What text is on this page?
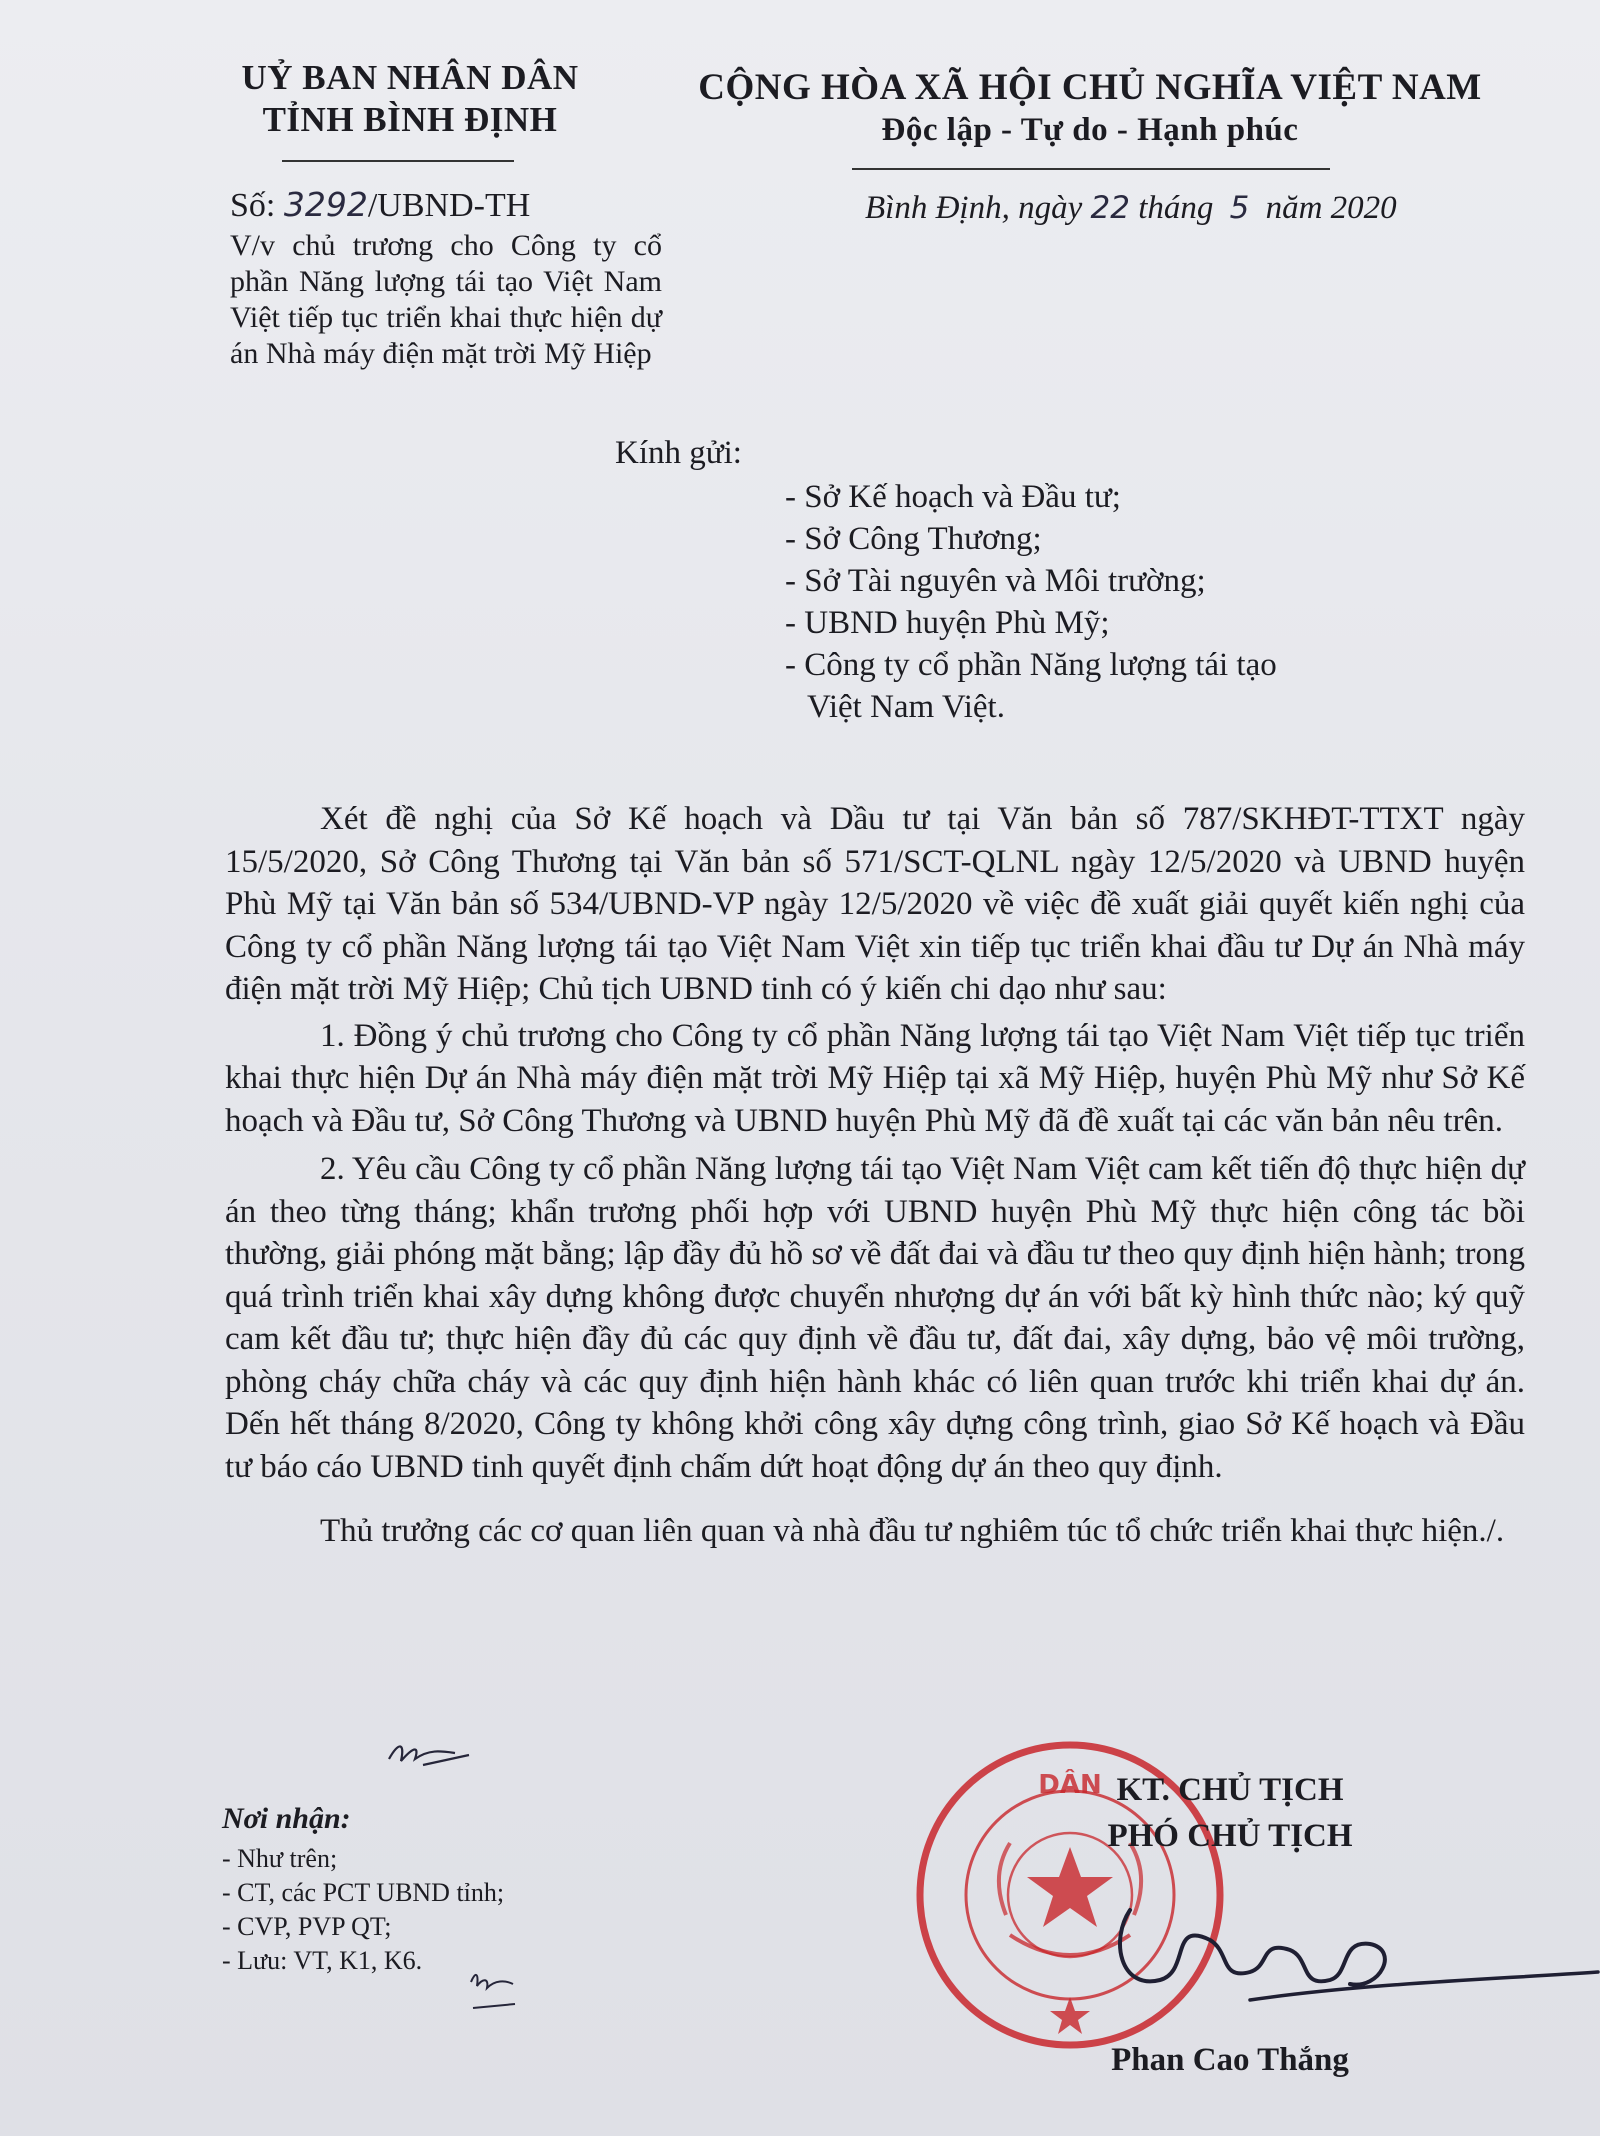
UỶ BAN NHÂN DÂN
TỈNH BÌNH ĐỊNH
CỘNG HÒA XÃ HỘI CHỦ NGHĨA VIỆT NAM
Độc lập - Tự do - Hạnh phúc
Số: 3292/UBND-TH
V/v chủ trương cho Công ty cổ phần Năng lượng tái tạo Việt Nam Việt tiếp tục triển khai thực hiện dự án Nhà máy điện mặt trời Mỹ Hiệp
Bình Định, ngày 22 tháng 5 năm 2020
Kính gửi:
- Sở Kế hoạch và Đầu tư;
- Sở Công Thương;
- Sở Tài nguyên và Môi trường;
- UBND huyện Phù Mỹ;
- Công ty cổ phần Năng lượng tái tạo
Việt Nam Việt.
Xét đề nghị của Sở Kế hoạch và Dầu tư tại Văn bản số 787/SKHĐT-TTXT ngày 15/5/2020, Sở Công Thương tại Văn bản số 571/SCT-QLNL ngày 12/5/2020 và UBND huyện Phù Mỹ tại Văn bản số 534/UBND-VP ngày 12/5/2020 về việc đề xuất giải quyết kiến nghị của Công ty cổ phần Năng lượng tái tạo Việt Nam Việt xin tiếp tục triển khai đầu tư Dự án Nhà máy điện mặt trời Mỹ Hiệp; Chủ tịch UBND tinh có ý kiến chi dạo như sau:
1. Đồng ý chủ trương cho Công ty cổ phần Năng lượng tái tạo Việt Nam Việt tiếp tục triển khai thực hiện Dự án Nhà máy điện mặt trời Mỹ Hiệp tại xã Mỹ Hiệp, huyện Phù Mỹ như Sở Kế hoạch và Đầu tư, Sở Công Thương và UBND huyện Phù Mỹ đã đề xuất tại các văn bản nêu trên.
2. Yêu cầu Công ty cổ phần Năng lượng tái tạo Việt Nam Việt cam kết tiến độ thực hiện dự án theo từng tháng; khẩn trương phối hợp với UBND huyện Phù Mỹ thực hiện công tác bồi thường, giải phóng mặt bằng; lập đầy đủ hồ sơ về đất đai và đầu tư theo quy định hiện hành; trong quá trình triển khai xây dựng không được chuyển nhượng dự án với bất kỳ hình thức nào; ký quỹ cam kết đầu tư; thực hiện đầy đủ các quy định về đầu tư, đất đai, xây dựng, bảo vệ môi trường, phòng cháy chữa cháy và các quy định hiện hành khác có liên quan trước khi triển khai dự án. Dến hết tháng 8/2020, Công ty không khởi công xây dựng công trình, giao Sở Kế hoạch và Đầu tư báo cáo UBND tinh quyết định chấm dứt hoạt động dự án theo quy định.
Thủ trưởng các cơ quan liên quan và nhà đầu tư nghiêm túc tổ chức triển khai thực hiện./.
Nơi nhận:
- Như trên;
- CT, các PCT UBND tỉnh;
- CVP, PVP QT;
- Lưu: VT, K1, K6.
DÂN KT. CHỦ TỊCH
PHÓ CHỦ TỊCH
Phan Cao Thắng
